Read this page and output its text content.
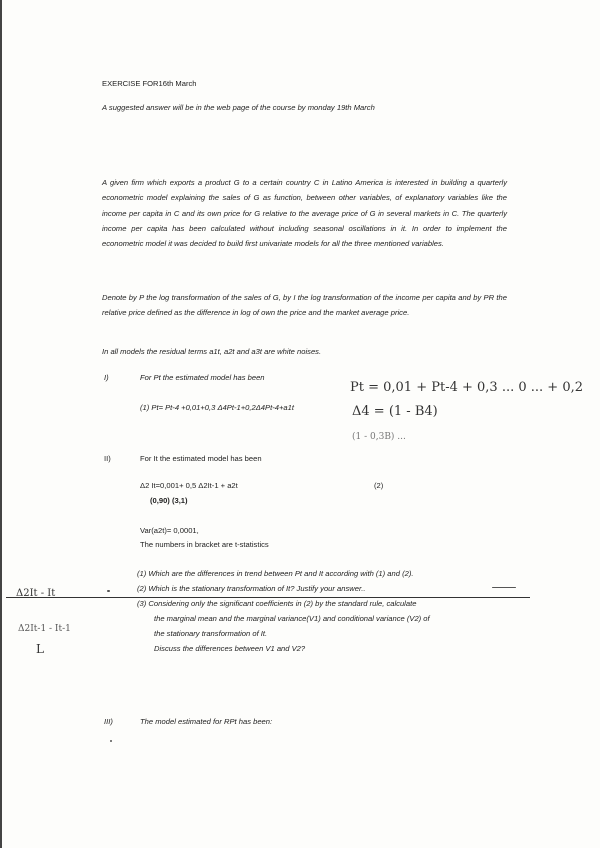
EXERCISE FOR16th March
A suggested answer will be in the web page of the course by monday 19th March
A given firm which exports a product G to a certain country C in Latino America is interested in building a quarterly econometric model explaining the sales of G as function, between other variables, of explanatory variables like the income per capita in C and its own price for G relative to the average price of G in several markets in C. The quarterly income per capita has been calculated without including seasonal oscillations in it. In order to implement the econometric model it was decided to build first univariate models for all the three mentioned variables.
Denote by P the log transformation of the sales of G, by I the log transformation of the income per capita and by PR the relative price defined as the difference in log of own the price and the market average price.
In all models the residual terms a1t, a2t and a3t are white noises.
I)	For Pt the estimated model has been
(1) Pt= Pt-4 +0,01+0,3 Δ4Pt-1+0,2Δ4Pt-4+a1t
II)	For It the estimated model has been
Δ2 It=0,001+ 0,5 Δ2It-1 + a2t	(2)
(0,90) (3,1)
Var(a2t)= 0,0001,
The numbers in bracket are t-statistics
(1) Which are the differences in trend between Pt and It according with (1) and (2).
(2) Which is the stationary transformation of It? Justify your answer..
(3) Considering only the significant coefficients in (2) by the standard rule, calculate
the marginal mean and the marginal variance(V1) and conditional variance (V2) of
the stationary transformation of It.
Discuss the differences between V1 and V2?
III)	The model estimated for RPt has been:
Pt = 0,01 + Pt-4 + 0,3 ... 0 ... + 0,2
Δ4 = (1 - B4)
(1 - 0,3B) ...
Δ2It - It
Δ2It-1 - It-1
L
